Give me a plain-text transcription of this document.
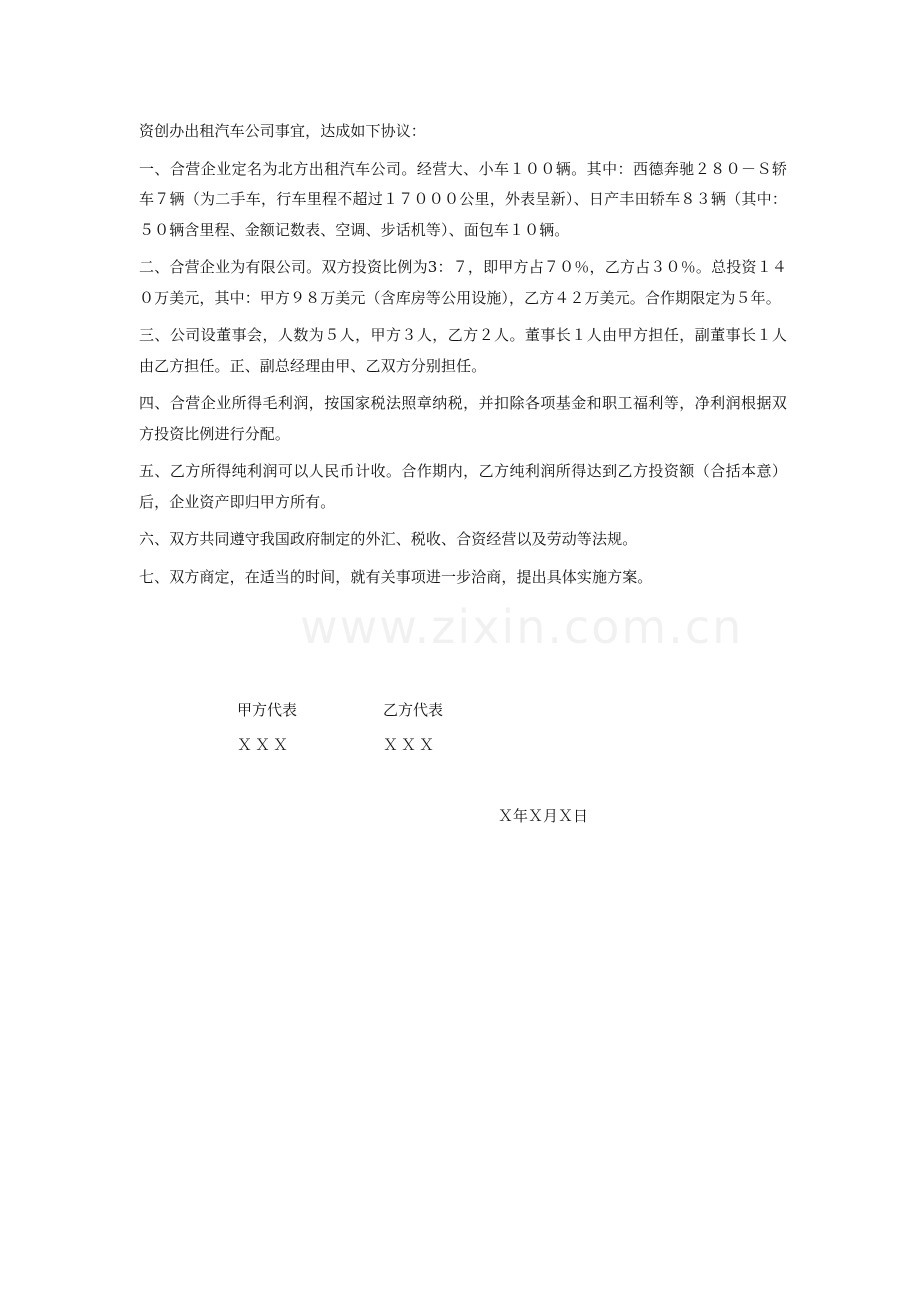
www.zixin.com.cn

资创办出租汽车公司事宜，达成如下协议：

一、合营企业定名为北方出租汽车公司。经营大、小车１００辆。其中：西德奔驰２８０－Ｓ轿车７辆（为二手车，行车里程不超过１７０００公里，外表呈新）、日产丰田轿车８３辆（其中：５０辆含里程、金额记数表、空调、步话机等）、面包车１０辆。

二、合营企业为有限公司。双方投资比例为3：７，即甲方占７０％，乙方占３０％。总投资１４０万美元，其中：甲方９８万美元（含库房等公用设施），乙方４２万美元。合作期限定为５年。

三、公司设董事会，人数为５人，甲方３人，乙方２人。董事长１人由甲方担任，副董事长１人由乙方担任。正、副总经理由甲、乙双方分别担任。

四、合营企业所得毛利润，按国家税法照章纳税，并扣除各项基金和职工福利等，净利润根据双方投资比例进行分配。

五、乙方所得纯利润可以人民币计收。合作期内，乙方纯利润所得达到乙方投资额（合括本意）后，企业资产即归甲方所有。

六、双方共同遵守我国政府制定的外汇、税收、合资经营以及劳动等法规。

七、双方商定，在适当的时间，就有关事项进一步洽商，提出具体实施方案。

甲方代表	乙方代表
ＸＸＸ	ＸＸＸ
Ｘ年Ｘ月Ｘ日
